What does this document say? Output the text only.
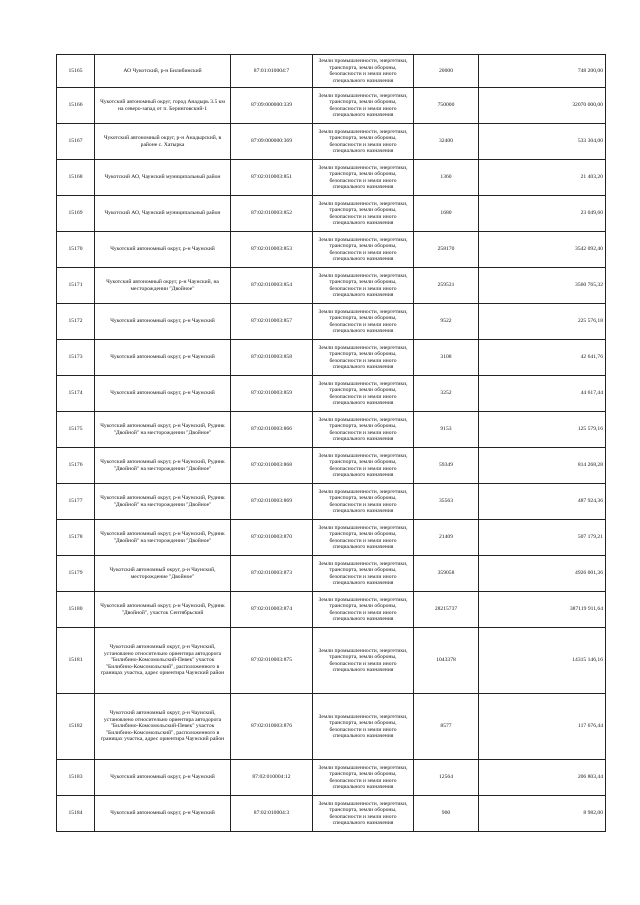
15165	АО Чукотский, р-н Билибинский	87:01:010004:7	Земли промышленности, энергетики, транспорта, земли обороны, безопасности и земли иного специального назначения	20000	748 200,00
15166	Чукотский автономный округ, город Анадырь 3.5 км на северо-запад от п. Беринговский-1	87:09:000000:339	Земли промышленности, энергетики, транспорта, земли обороны, безопасности и земли иного специального назначения	750000	32070 000,00
15167	Чукотский автономный округ, р-н Анадырский, в районе с. Хатырка	87:09:000000:369	Земли промышленности, энергетики, транспорта, земли обороны, безопасности и земли иного специального назначения	32400	533 304,00
15168	Чукотский АО, Чаунский муниципальный район	87:02:010003:851	Земли промышленности, энергетики, транспорта, земли обороны, безопасности и земли иного специального назначения	1360	21 403,20
15169	Чукотский АО, Чаунский муниципальный район	87:02:010003:852	Земли промышленности, энергетики, транспорта, земли обороны, безопасности и земли иного специального назначения	1680	23 049,60
15170	Чукотский автономный округ, р-н Чаунский	87:02:010003:853	Земли промышленности, энергетики, транспорта, земли обороны, безопасности и земли иного специального назначения	258170	3542 092,40
15171	Чукотский автономный округ, р-н Чаунский, на месторождении "Двойное"	87:02:010003:854	Земли промышленности, энергетики, транспорта, земли обороны, безопасности и земли иного специального назначения	259531	3560 765,32
15172	Чукотский автономный округ, р-н Чаунский	87:02:010003:857	Земли промышленности, энергетики, транспорта, земли обороны, безопасности и земли иного специального назначения	9522	225 576,18
15173	Чукотский автономный округ, р-н Чаунский	87:02:010003:858	Земли промышленности, энергетики, транспорта, земли обороны, безопасности и земли иного специального назначения	3108	42 641,76
15174	Чукотский автономный округ, р-н Чаунский	87:02:010003:859	Земли промышленности, энергетики, транспорта, земли обороны, безопасности и земли иного специального назначения	3252	44 617,44
15175	Чукотский автономный округ, р-н Чаунский, Рудник "Двойной" на месторождении "Двойное"	87:02:010003:866	Земли промышленности, энергетики, транспорта, земли обороны, безопасности и земли иного специального назначения	9153	125 579,16
15176	Чукотский автономный округ, р-н Чаунский, Рудник "Двойной" на месторождении "Двойное"	87:02:010003:868	Земли промышленности, энергетики, транспорта, земли обороны, безопасности и земли иного специального назначения	59349	814 268,28
15177	Чукотский автономный округ, р-н Чаунский, Рудник "Двойной" на месторождении "Двойное"	87:02:010003:869	Земли промышленности, энергетики, транспорта, земли обороны, безопасности и земли иного специального назначения	35563	487 924,36
15178	Чукотский автономный округ, р-н Чаунский, Рудник "Двойной" на месторождении "Двойное"	87:02:010003:870	Земли промышленности, энергетики, транспорта, земли обороны, безопасности и земли иного специального назначения	21409	507 179,21
15179	Чукотский автономный округ, р-н Чаунский, месторождение "Двойное"	87:02:010003:873	Земли промышленности, энергетики, транспорта, земли обороны, безопасности и земли иного специального назначения	359058	4926 001,36
15180	Чукотский автономный округ, р-н Чаунский, Рудник "Двойной", участок Сентябрьский	87:02:010003:874	Земли промышленности, энергетики, транспорта, земли обороны, безопасности и земли иного специального назначения	28215737	387119 911,64
15181	Чукотский автономный округ, р-н Чаунский, установлено относительно ориентира автодорога "Билибино-Комсомольский-Певек" участок "Билибино-Комсомольский", расположенного в границах участка, адрес ориентира Чаунский район	87:02:010003:875	Земли промышленности, энергетики, транспорта, земли обороны, безопасности и земли иного специального назначения	1043378	14315 146,16
15182	Чукотский автономный округ, р-н Чаунский, установлено относительно ориентира автодорога "Билибино-Комсомольский-Певек" участок "Билибино-Комсомольский", расположенного в границах участка, адрес ориентира Чаунский район	87:02:010003:876	Земли промышленности, энергетики, транспорта, земли обороны, безопасности и земли иного специального назначения	8577	117 676,44
15183	Чукотский автономный округ, р-н Чаунский	87:02:010004:12	Земли промышленности, энергетики, транспорта, земли обороны, безопасности и земли иного специального назначения	12564	206 803,44
15184	Чукотский автономный округ, р-н Чаунский	87:02:010004:3	Земли промышленности, энергетики, транспорта, земли обороны, безопасности и земли иного специального назначения	900	8 982,00
